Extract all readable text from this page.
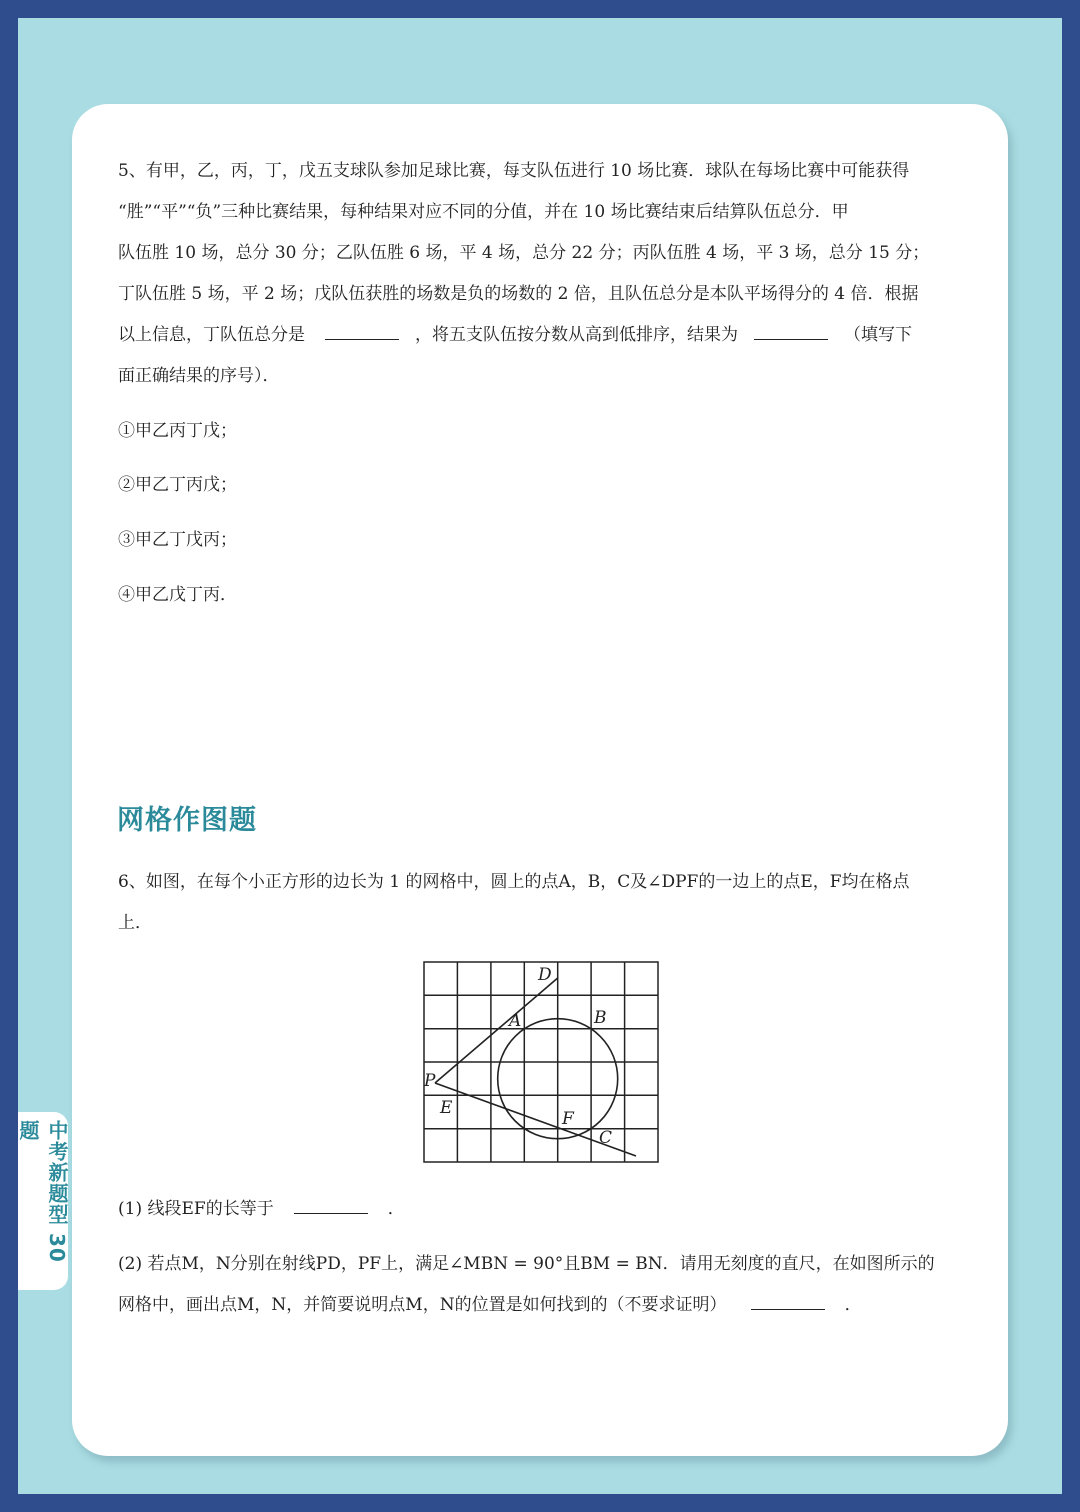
中考新题型 30 题
5、有甲，乙，丙，丁，戊五支球队参加足球比赛，每支队伍进行 10 场比赛．球队在每场比赛中可能获得
“胜”“平”“负”三种比赛结果，每种结果对应不同的分值，并在 10 场比赛结束后结算队伍总分．甲
队伍胜 10 场，总分 30 分；乙队伍胜 6 场，平 4 场，总分 22 分；丙队伍胜 4 场，平 3 场，总分 15 分；
丁队伍胜 5 场，平 2 场；戊队伍获胜的场数是负的场数的 2 倍，且队伍总分是本队平场得分的 4 倍．根据
以上信息，丁队伍总分是	，将五支队伍按分数从高到低排序，结果为	（填写下
面正确结果的序号）．
①甲乙丙丁戊；
②甲乙丁丙戊；
③甲乙丁戊丙；
④甲乙戊丁丙．
网格作图题
6、如图，在每个小正方形的边长为 1 的网格中，圆上的点A，B，C及∠DPF的一边上的点E，F均在格点
上．
D
A	B
P
E
F
C
(1) 线段EF的长等于	．
(2) 若点M，N分别在射线PD，PF上，满足∠MBN = 90°且BM = BN．请用无刻度的直尺，在如图所示的
网格中，画出点M，N，并简要说明点M，N的位置是如何找到的（不要求证明）	．
